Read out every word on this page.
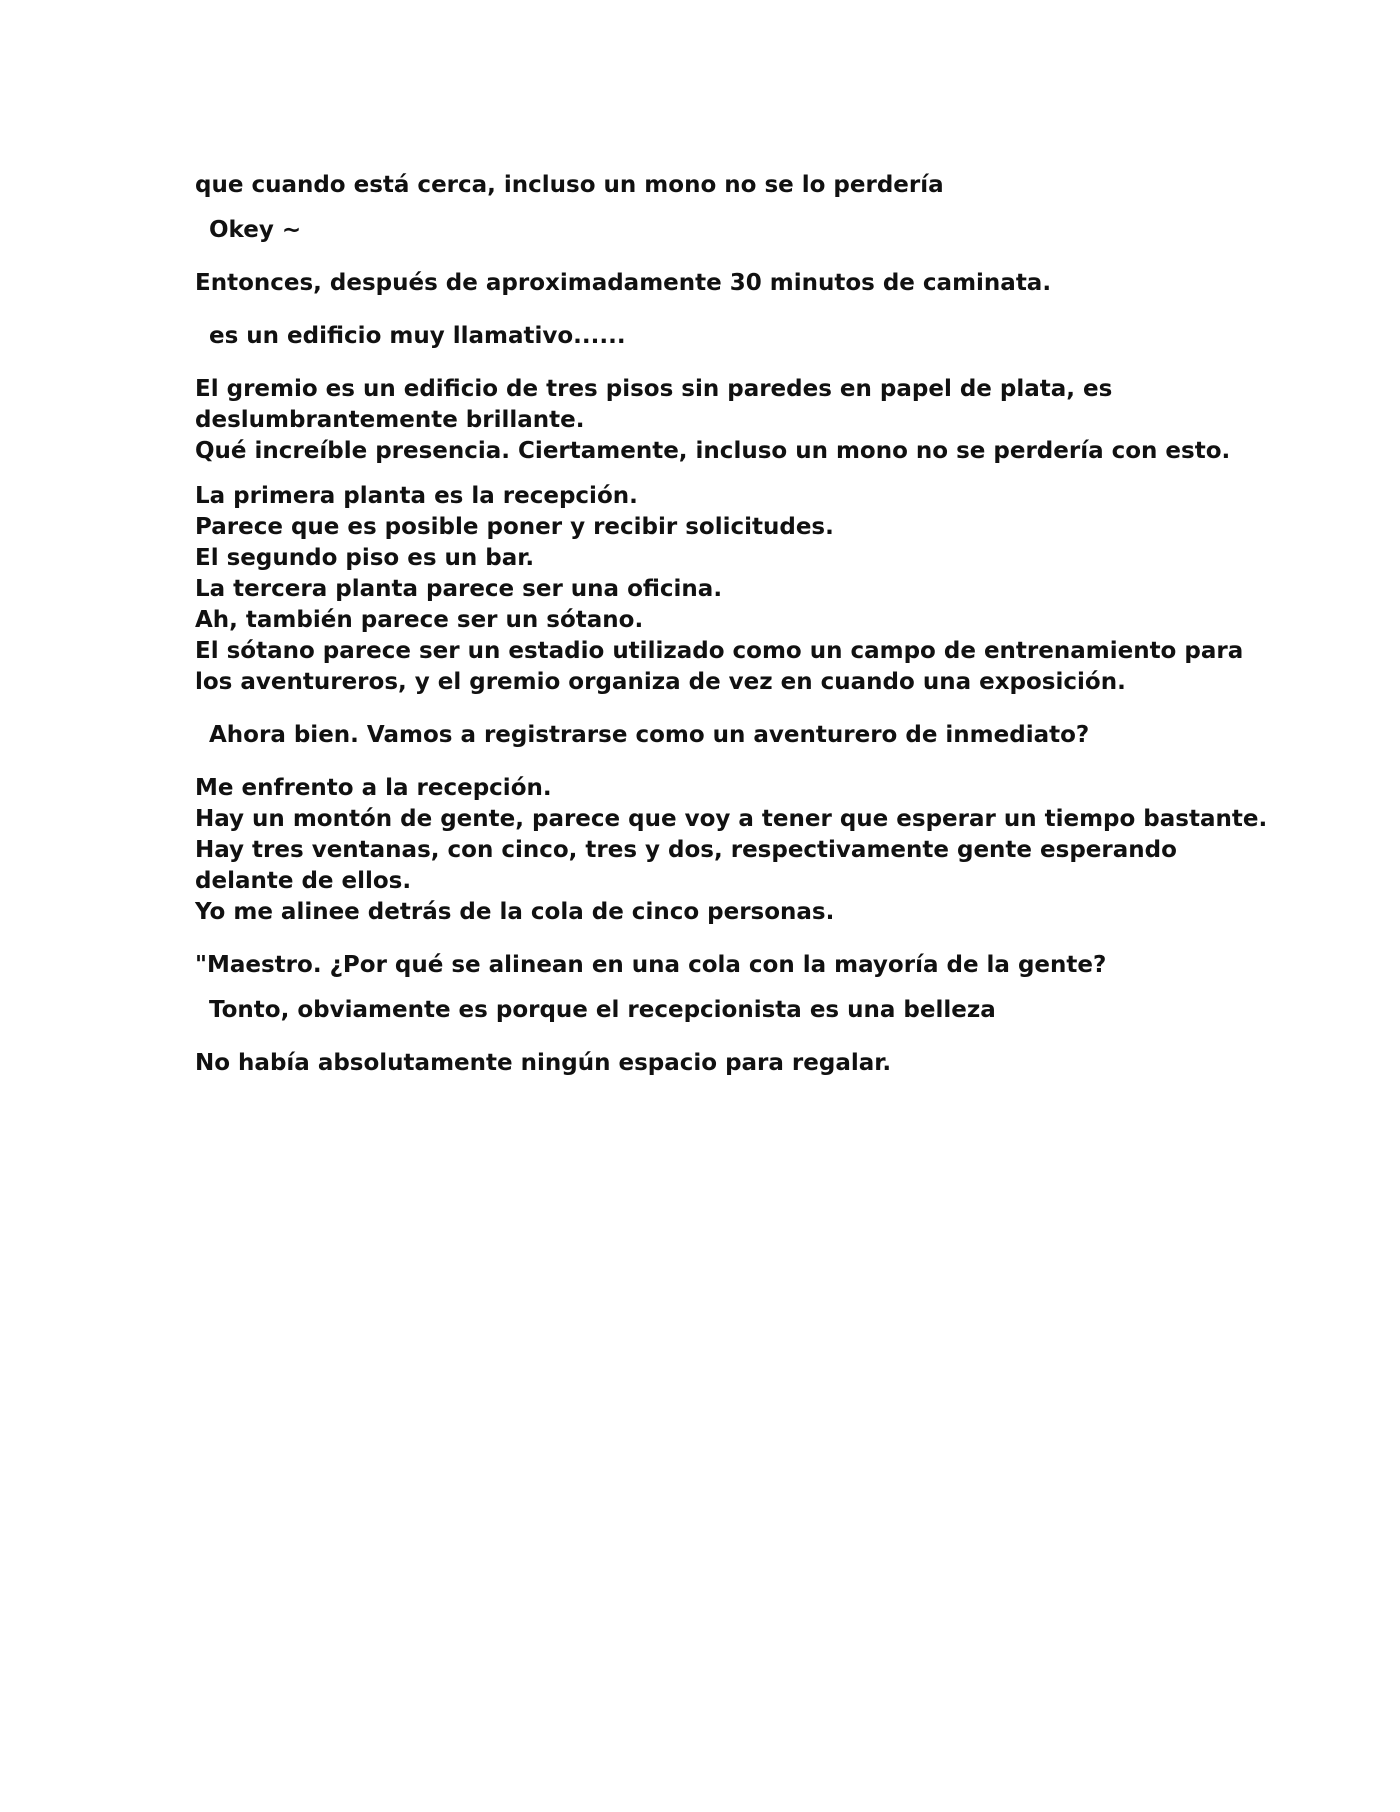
que cuando está cerca, incluso un mono no se lo perdería

Okey ~

Entonces, después de aproximadamente 30 minutos de caminata.

es un edificio muy llamativo......

El gremio es un edificio de tres pisos sin paredes en papel de plata, es
deslumbrantemente brillante.
Qué increíble presencia. Ciertamente, incluso un mono no se perdería con esto.

La primera planta es la recepción.
Parece que es posible poner y recibir solicitudes.
El segundo piso es un bar.
La tercera planta parece ser una oficina.
Ah, también parece ser un sótano.
El sótano parece ser un estadio utilizado como un campo de entrenamiento para
los aventureros, y el gremio organiza de vez en cuando una exposición.

Ahora bien. Vamos a registrarse como un aventurero de inmediato?

Me enfrento a la recepción.
Hay un montón de gente, parece que voy a tener que esperar un tiempo bastante.
Hay tres ventanas, con cinco, tres y dos, respectivamente gente esperando
delante de ellos.
Yo me alinee detrás de la cola de cinco personas.

"Maestro. ¿Por qué se alinean en una cola con la mayoría de la gente?

Tonto, obviamente es porque el recepcionista es una belleza

No había absolutamente ningún espacio para regalar.
